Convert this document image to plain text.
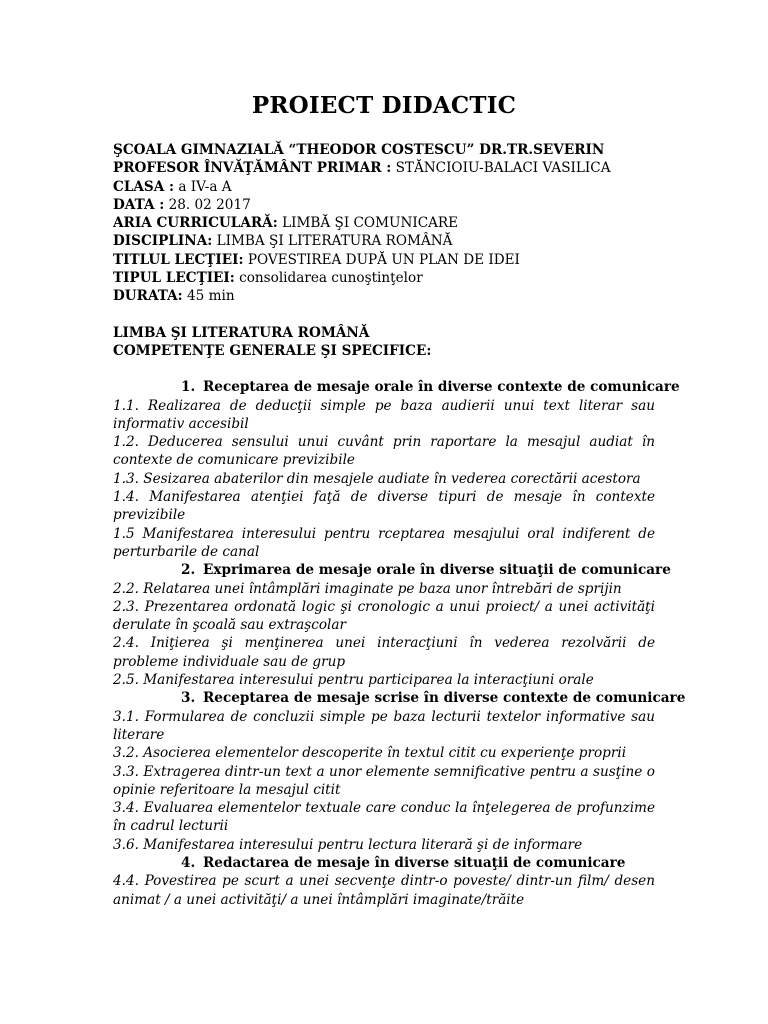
PROIECT DIDACTIC
ŞCOALA GIMNAZIALĂ “THEODOR COSTESCU” DR.TR.SEVERIN
PROFESOR ÎNVĂŢĂMÂNT PRIMAR : STĂNCIOIU-BALACI VASILICA
CLASA : a IV-a A
DATA : 28. 02 2017
ARIA CURRICULARĂ: LIMBĂ ŞI COMUNICARE
DISCIPLINA: LIMBA ŞI LITERATURA ROMÂNĂ
TITLUL LECŢIEI: POVESTIREA DUPĂ UN PLAN DE IDEI
TIPUL LECŢIEI: consolidarea cunoştinţelor
DURATA: 45 min
LIMBA ŞI LITERATURA ROMÂNĂ
COMPETENŢE GENERALE ŞI SPECIFICE:
1. Receptarea de mesaje orale în diverse contexte de comunicare
1.1. Realizarea de deducţii simple pe baza audierii unui text literar sau informativ accesibil
1.2. Deducerea sensului unui cuvânt prin raportare la mesajul audiat în contexte de comunicare previzibile
1.3. Sesizarea abaterilor din mesajele audiate în vederea corectării acestora
1.4. Manifestarea atenţiei faţă de diverse tipuri de mesaje în contexte previzibile
1.5 Manifestarea interesului pentru rceptarea mesajului oral indiferent de perturbarile de canal
2. Exprimarea de mesaje orale în diverse situaţii de comunicare
2.2. Relatarea unei întâmplări imaginate pe baza unor întrebări de sprijin
2.3. Prezentarea ordonată logic şi cronologic a unui proiect/ a unei activităţi derulate în şcoală sau extraşcolar
2.4. Iniţierea şi menţinerea unei interacţiuni în vederea rezolvării de probleme individuale sau de grup
2.5. Manifestarea interesului pentru participarea la interacţiuni orale
3. Receptarea de mesaje scrise în diverse contexte de comunicare
3.1. Formularea de concluzii simple pe baza lecturii textelor informative sau literare
3.2. Asocierea elementelor descoperite în textul citit cu experienţe proprii
3.3. Extragerea dintr-un text a unor elemente semnificative pentru a susţine o opinie referitoare la mesajul citit
3.4. Evaluarea elementelor textuale care conduc la înţelegerea de profunzime în cadrul lecturii
3.6. Manifestarea interesului pentru lectura literară şi de informare
4. Redactarea de mesaje în diverse situaţii de comunicare
4.4. Povestirea pe scurt a unei secvenţe dintr-o poveste/ dintr-un film/ desen animat / a unei activităţi/ a unei întâmplări imaginate/trăite
